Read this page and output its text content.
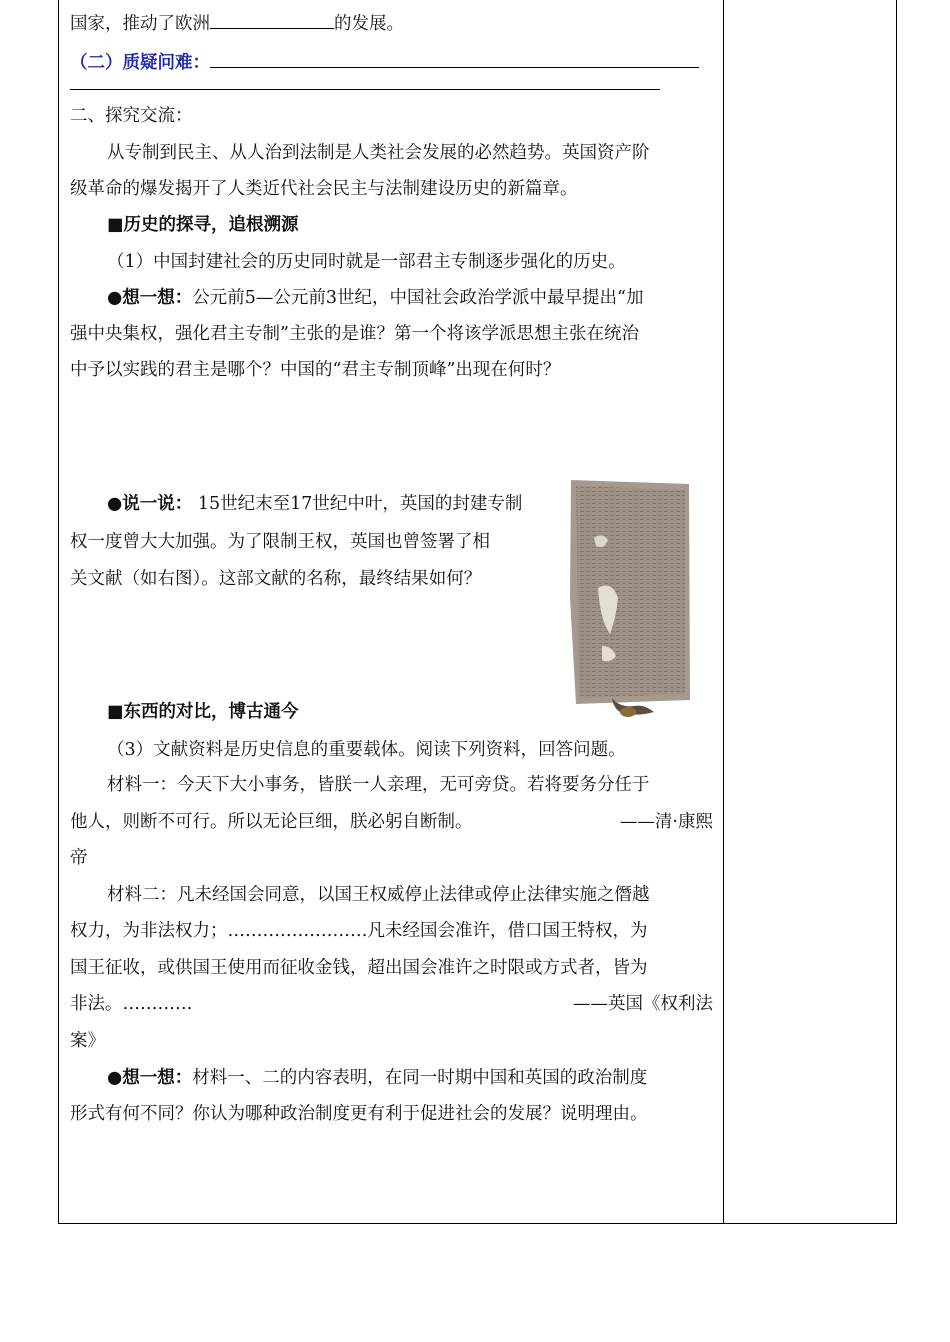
国家，推动了欧洲	的发展。
（二）质疑问难：
二、探究交流：
从专制到民主、从人治到法制是人类社会发展的必然趋势。英国资产阶
级革命的爆发揭开了人类近代社会民主与法制建设历史的新篇章。
■历史的探寻，追根溯源
（1）中国封建社会的历史同时就是一部君主专制逐步强化的历史。
●想一想：公元前5—公元前3世纪，中国社会政治学派中最早提出“加
强中央集权，强化君主专制”主张的是谁？第一个将该学派思想主张在统治
中予以实践的君主是哪个？中国的“君主专制顶峰”出现在何时？
●说一说： 15世纪末至17世纪中叶，英国的封建专制
权一度曾大大加强。为了限制王权，英国也曾签署了相
关文献（如右图）。这部文献的名称，最终结果如何？
■东西的对比，博古通今
（3）文献资料是历史信息的重要载体。阅读下列资料，回答问题。
材料一：今天下大小事务，皆朕一人亲理，无可旁贷。若将要务分任于
他人，则断不可行。所以无论巨细，朕必躬自断制。	——清·康熙
帝
材料二：凡未经国会同意，以国王权威停止法律或停止法律实施之僭越
权力，为非法权力；……………………凡未经国会准许，借口国王特权，为
国王征收，或供国王使用而征收金钱，超出国会准许之时限或方式者，皆为
非法。…………	——英国《权利法
案》
●想一想：材料一、二的内容表明，在同一时期中国和英国的政治制度
形式有何不同？你认为哪种政治制度更有利于促进社会的发展？说明理由。
